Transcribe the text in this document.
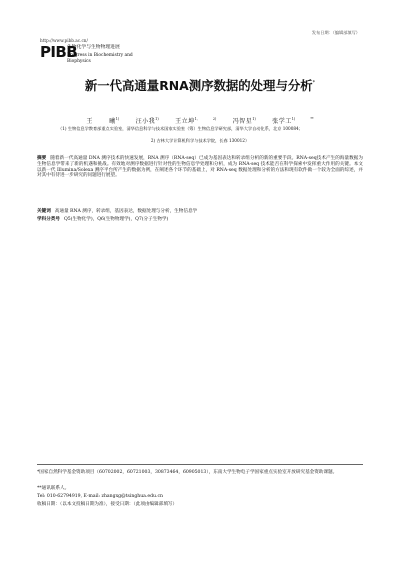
发布日期：（编辑部填写）
http://www.pibb.ac.cn/
PIBB
生物化学与生物物理进展
Progress in Biochemistry and Biophysics
新一代高通量RNA测序数据的处理与分析*
王 曦$^{1)}$	汪小我$^{1)}$	王立坤$^{1, 2)}$	冯智星$^{1)}$	张学工$^{1) **}$
（1) 生物信息学教育部重点实验室，清华信息科学与技术国家实验室（筹）生物信息学研究部，清华大学自动化系，北京 100084；
2) 吉林大学计算机科学与技术学院，长春 130012）
摘要 随着新一代高通量 DNA 测序技术的快速发展，RNA 测序（RNA-seq）已成为基因表达和转录组分析的新的重要手段。RNA-seq技术产生的海量数据为生物信息学带来了新的机遇和挑战。有效地对测序数据进行针对性的生物信息学处理和分析，成为 RNA-seq 技术能否在科学探索中发挥重大作用的关键。本文以新一代 Illumina/Solexa 测序平台所产生的数据为例，在阐述各个环节的基础上，对 RNA-seq 数据处理和分析的方法和现有软件做一个较为全面的综述，并对其中有待进一步研究的问题进行展望。
关键词 高通量 RNA 测序，转录组，基因表达，数据处理与分析，生物信息学
学科分类号 Q5(生物化学)，Q6(生物物理学)，Q7(分子生物学)
*国家自然科学基金资助项目（60702002，60721003，30873464，60905013），东南大学生物电子学国家重点实验室开放研究基金资助课题。
**通讯联系人。
Tel: 010-62794919, E-mail: zhangxg@tsinghua.edu.cn
收稿日期：（以本文投稿日期为准），接受日期：（此项由编辑部填写）
